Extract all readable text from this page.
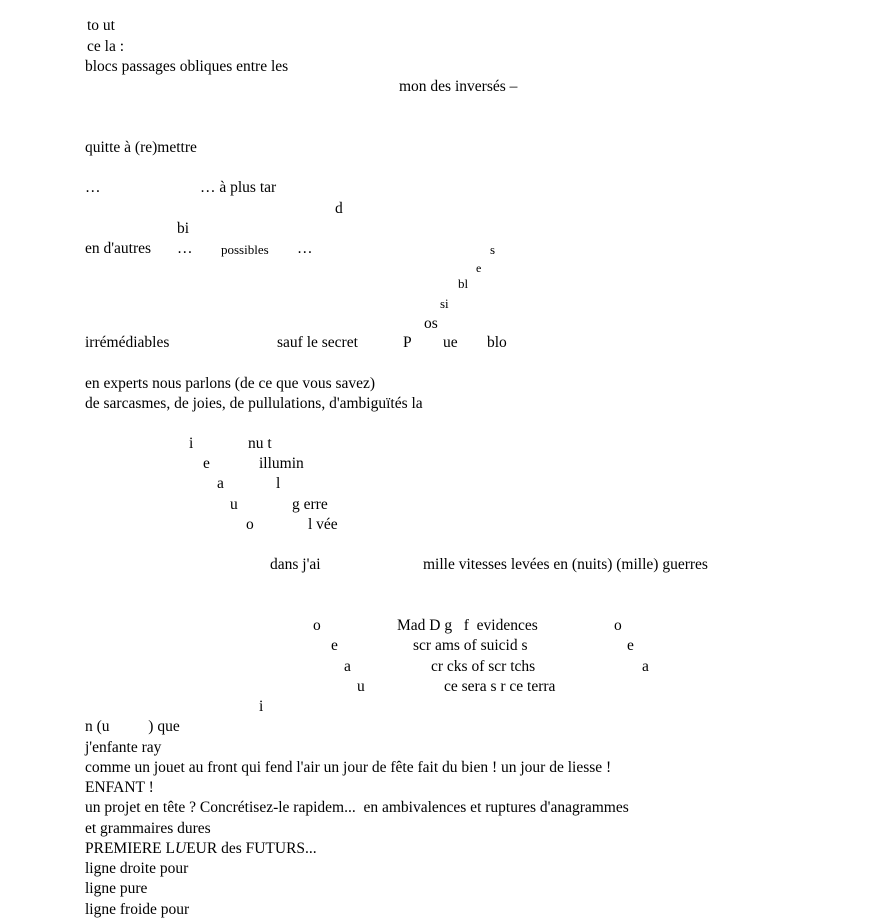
to ut
ce la :
blocs passages obliques entre les
mon des inversés –
quitte à (re)mettre
…	… à plus tar
d
bi
en d'autres … possibles …	s
e
bl
si
os
irrémédiables	sauf le secret	P ue blo
en experts nous parlons (de ce que vous savez)
de sarcasmes, de joies, de pullulations, d'ambiguïtés la
i	nu t
e	illumin
a	l
u	g erre
o	l vée
dans j'ai	mille vitesses levées en (nuits) (mille) guerres
o	Mad D g   f  evidences	o
e	scr ams of suicid s	e
a	cr cks of scr tchs	a
u	ce sera s r ce terra
i
n (u          ) que
j'enfante ray
comme un jouet au front qui fend l'air un jour de fête fait du bien ! un jour de liesse !
ENFANT !
un projet en tête ? Concrétisez-le rapidem...  en ambivalences et ruptures d'anagrammes
et grammaires dures
PREMIERE LUEUR des FUTURS...
ligne droite pour
ligne pure
ligne froide pour
